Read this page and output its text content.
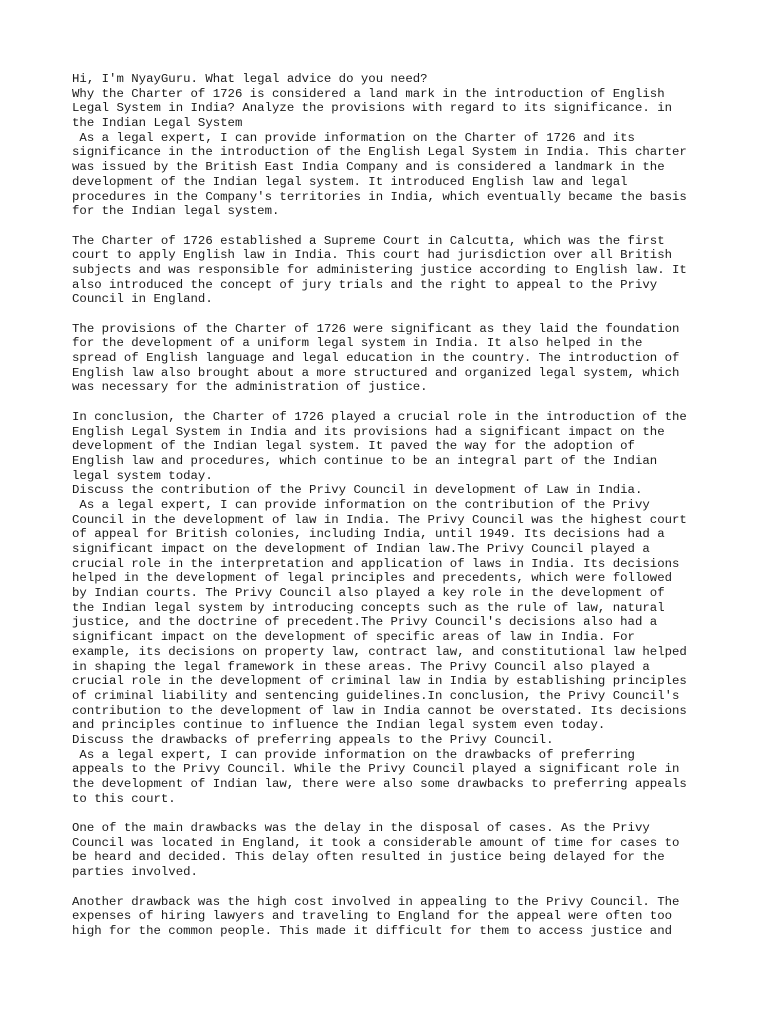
Hi, I'm NyayGuru. What legal advice do you need?
Why the Charter of 1726 is considered a land mark in the introduction of English
Legal System in India? Analyze the provisions with regard to its significance. in
the Indian Legal System
As a legal expert, I can provide information on the Charter of 1726 and its
significance in the introduction of the English Legal System in India. This charter
was issued by the British East India Company and is considered a landmark in the
development of the Indian legal system. It introduced English law and legal
procedures in the Company's territories in India, which eventually became the basis
for the Indian legal system.
The Charter of 1726 established a Supreme Court in Calcutta, which was the first
court to apply English law in India. This court had jurisdiction over all British
subjects and was responsible for administering justice according to English law. It
also introduced the concept of jury trials and the right to appeal to the Privy
Council in England.
The provisions of the Charter of 1726 were significant as they laid the foundation
for the development of a uniform legal system in India. It also helped in the
spread of English language and legal education in the country. The introduction of
English law also brought about a more structured and organized legal system, which
was necessary for the administration of justice.
In conclusion, the Charter of 1726 played a crucial role in the introduction of the
English Legal System in India and its provisions had a significant impact on the
development of the Indian legal system. It paved the way for the adoption of
English law and procedures, which continue to be an integral part of the Indian
legal system today.
Discuss the contribution of the Privy Council in development of Law in India.
As a legal expert, I can provide information on the contribution of the Privy
Council in the development of law in India. The Privy Council was the highest court
of appeal for British colonies, including India, until 1949. Its decisions had a
significant impact on the development of Indian law.The Privy Council played a
crucial role in the interpretation and application of laws in India. Its decisions
helped in the development of legal principles and precedents, which were followed
by Indian courts. The Privy Council also played a key role in the development of
the Indian legal system by introducing concepts such as the rule of law, natural
justice, and the doctrine of precedent.The Privy Council's decisions also had a
significant impact on the development of specific areas of law in India. For
example, its decisions on property law, contract law, and constitutional law helped
in shaping the legal framework in these areas. The Privy Council also played a
crucial role in the development of criminal law in India by establishing principles
of criminal liability and sentencing guidelines.In conclusion, the Privy Council's
contribution to the development of law in India cannot be overstated. Its decisions
and principles continue to influence the Indian legal system even today.
Discuss the drawbacks of preferring appeals to the Privy Council.
As a legal expert, I can provide information on the drawbacks of preferring
appeals to the Privy Council. While the Privy Council played a significant role in
the development of Indian law, there were also some drawbacks to preferring appeals
to this court.
One of the main drawbacks was the delay in the disposal of cases. As the Privy
Council was located in England, it took a considerable amount of time for cases to
be heard and decided. This delay often resulted in justice being delayed for the
parties involved.
Another drawback was the high cost involved in appealing to the Privy Council. The
expenses of hiring lawyers and traveling to England for the appeal were often too
high for the common people. This made it difficult for them to access justice and
